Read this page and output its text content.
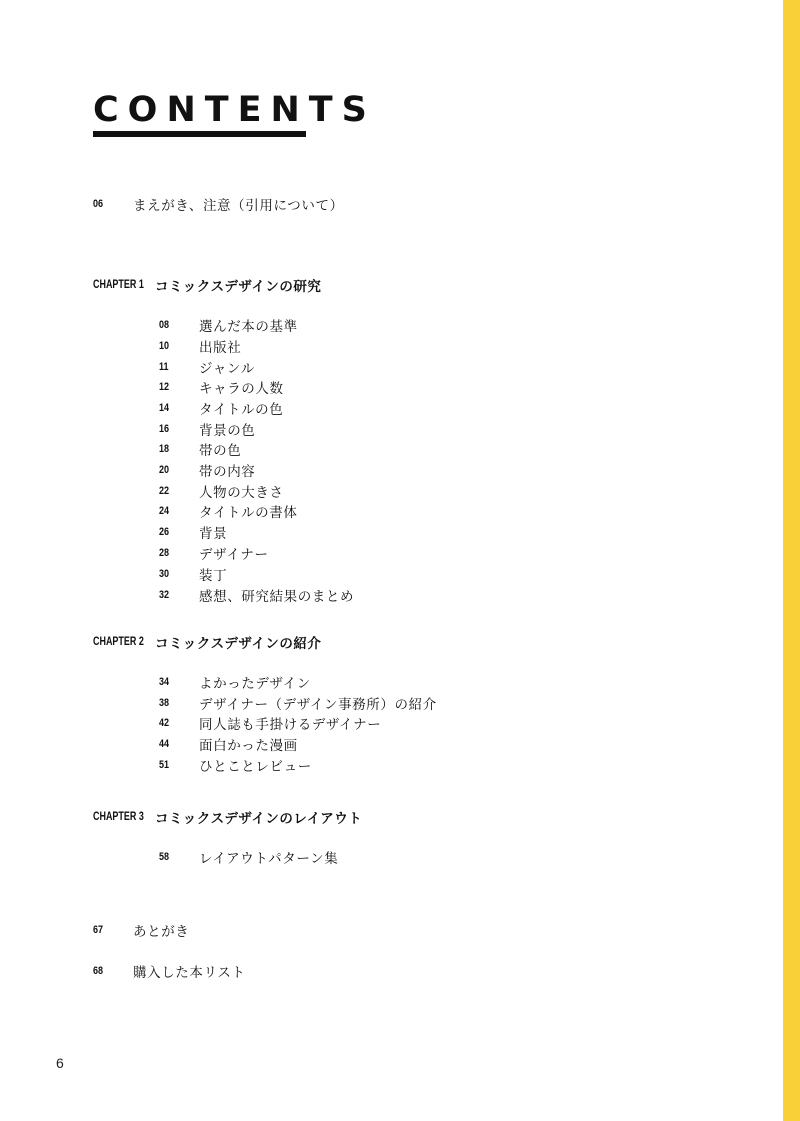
CONTENTS
06	まえがき、注意（引用について）
CHAPTER 1 コミックスデザインの研究
08	選んだ本の基準
10	出版社
11	ジャンル
12	キャラの人数
14	タイトルの色
16	背景の色
18	帯の色
20	帯の内容
22	人物の大きさ
24	タイトルの書体
26	背景
28	デザイナー
30	装丁
32	感想、研究結果のまとめ
CHAPTER 2 コミックスデザインの紹介
34	よかったデザイン
38	デザイナー（デザイン事務所）の紹介
42	同人誌も手掛けるデザイナー
44	面白かった漫画
51	ひとことレビュー
CHAPTER 3 コミックスデザインのレイアウト
58	レイアウトパターン集
67	あとがき
68	購入した本リスト
6
